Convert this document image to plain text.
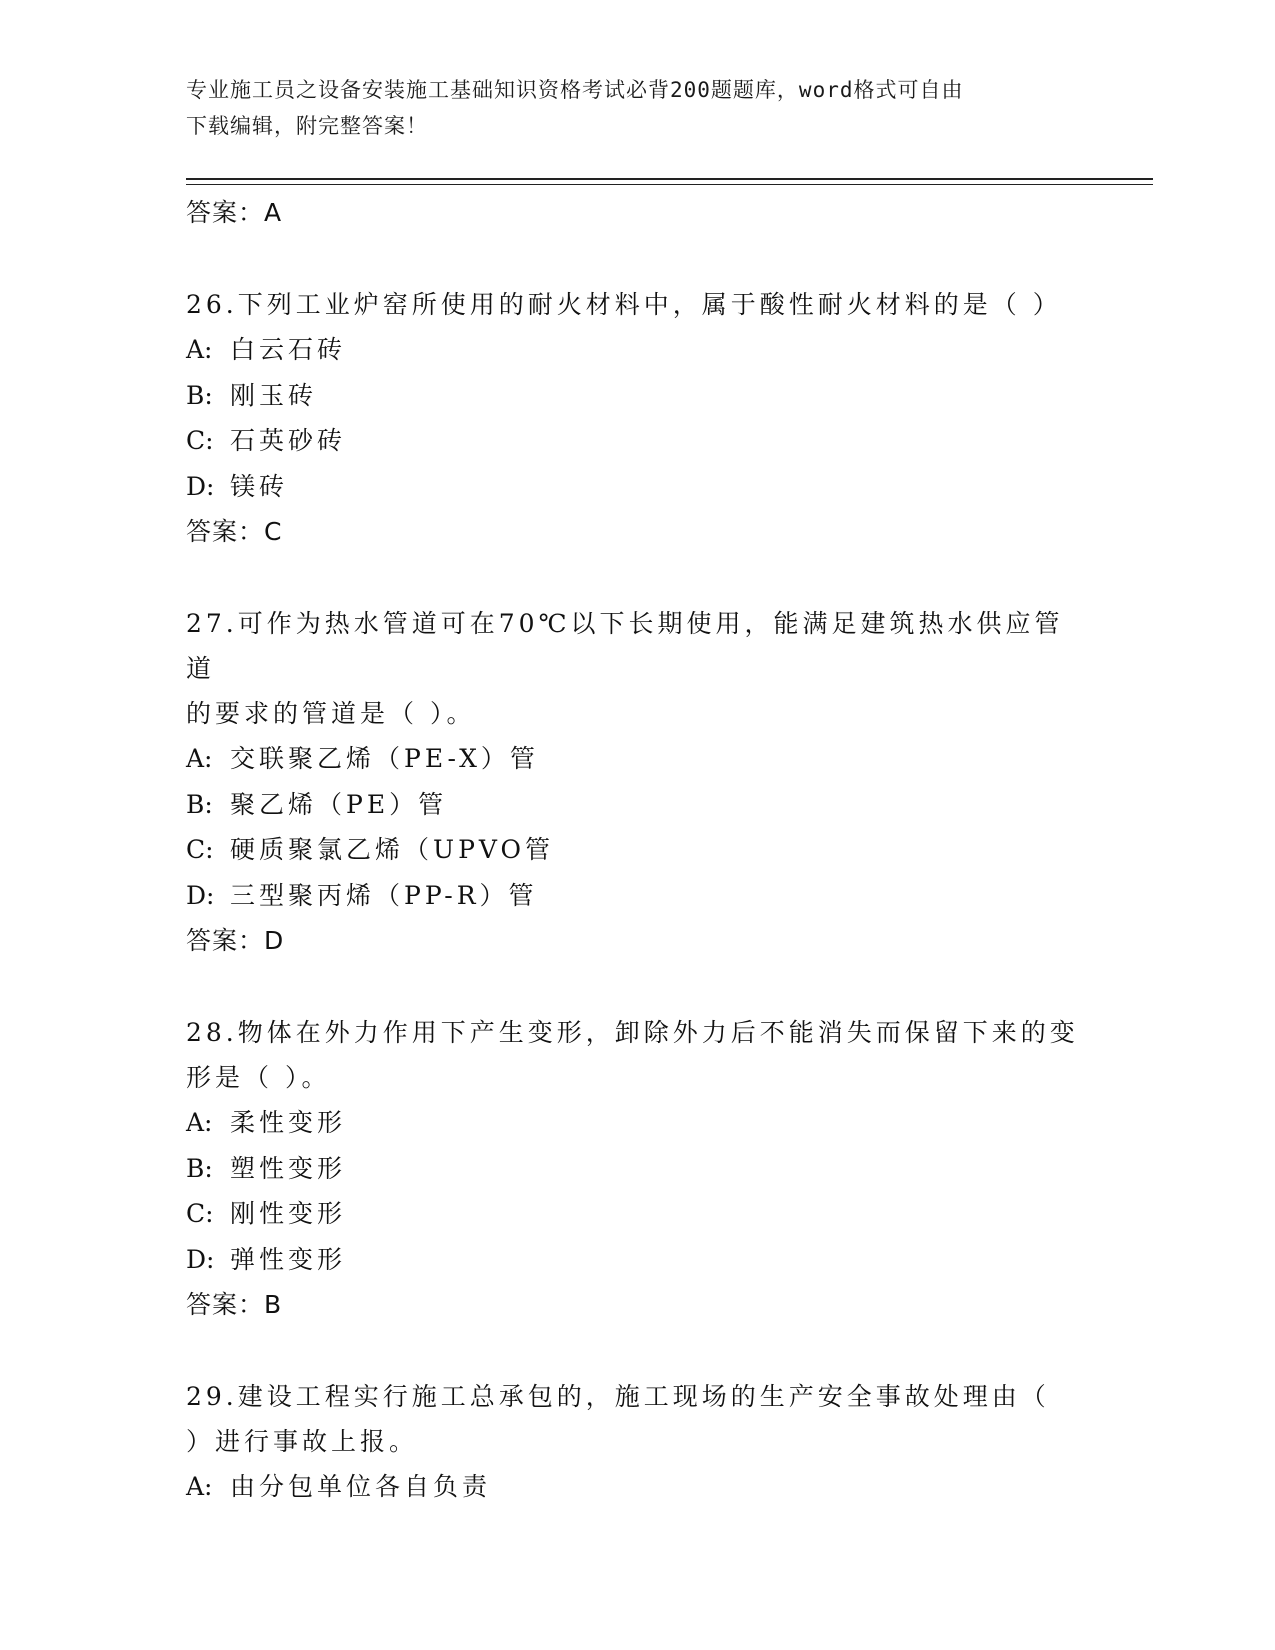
专业施工员之设备安装施工基础知识资格考试必背200题题库，word格式可自由
下载编辑，附完整答案！
答案：A
26.下列工业炉窑所使用的耐火材料中，属于酸性耐火材料的是（ ）
A: 白云石砖
B: 刚玉砖
C: 石英砂砖
D: 镁砖
答案：C
27.可作为热水管道可在70℃以下长期使用，能满足建筑热水供应管道
的要求的管道是（ ）。
A: 交联聚乙烯（PE-X）管
B: 聚乙烯（PE）管
C: 硬质聚氯乙烯（UPVO管
D: 三型聚丙烯（PP-R）管
答案：D
28.物体在外力作用下产生变形，卸除外力后不能消失而保留下来的变
形是（ ）。
A: 柔性变形
B: 塑性变形
C: 刚性变形
D: 弹性变形
答案：B
29.建设工程实行施工总承包的，施工现场的生产安全事故处理由（
）进行事故上报。
A: 由分包单位各自负责
